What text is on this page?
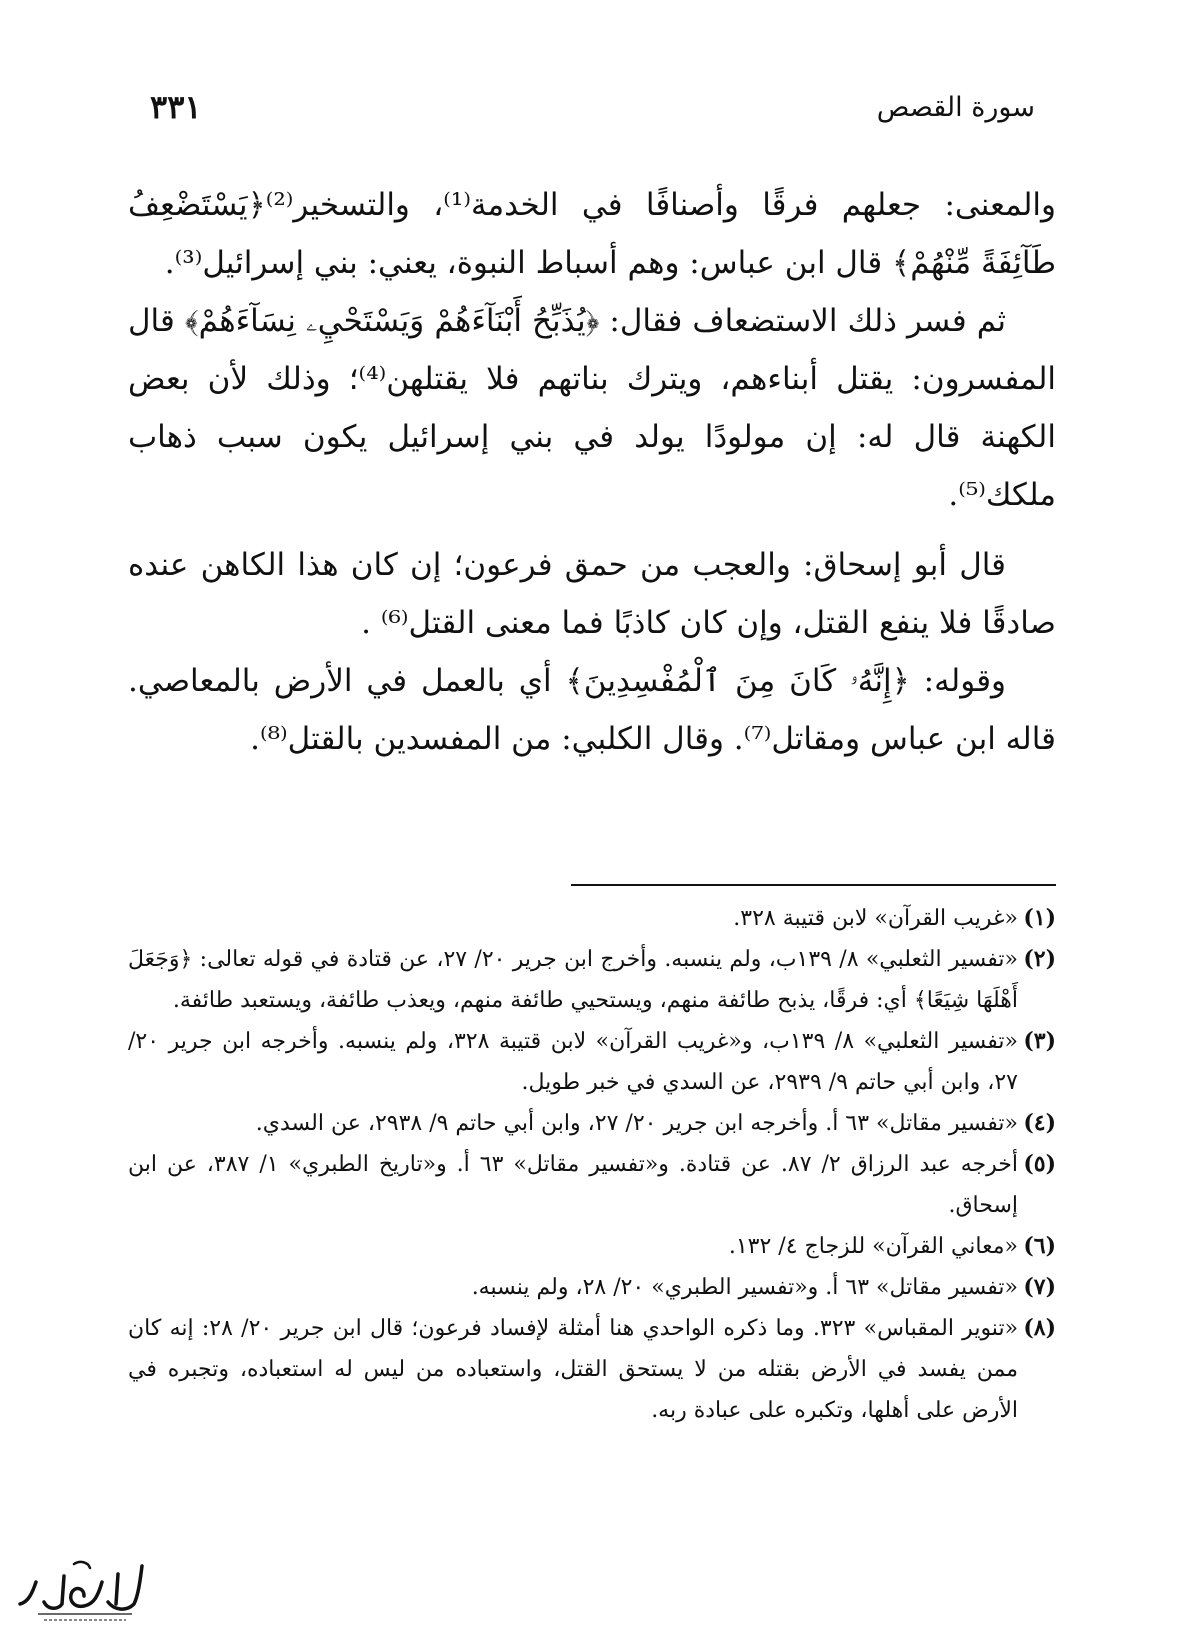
سورة القصص
٣٣١

والمعنى: جعلهم فرقًا وأصنافًا في الخدمة⁽¹⁾، والتسخير⁽²⁾﴿يَسْتَضْعِفُ طَآئِفَةً مِّنْهُمْ﴾ قال ابن عباس: وهم أسباط النبوة، يعني: بني إسرائيل⁽³⁾.

ثم فسر ذلك الاستضعاف فقال: ﴿يُذَبِّحُ أَبْنَآءَهُمْ وَيَسْتَحْيِۦ نِسَآءَهُمْ﴾ قال المفسرون: يقتل أبناءهم، ويترك بناتهم فلا يقتلهن⁽⁴⁾؛ وذلك لأن بعض الكهنة قال له: إن مولودًا يولد في بني إسرائيل يكون سبب ذهاب ملكك⁽⁵⁾.

قال أبو إسحاق: والعجب من حمق فرعون؛ إن كان هذا الكاهن عنده صادقًا فلا ينفع القتل، وإن كان كاذبًا فما معنى القتل⁽⁶⁾ .

وقوله: ﴿إِنَّهُۥ كَانَ مِنَ ٱلْمُفْسِدِينَ﴾ أي بالعمل في الأرض بالمعاصي. قاله ابن عباس ومقاتل⁽⁷⁾. وقال الكلبي: من المفسدين بالقتل⁽⁸⁾.

(١)
«غريب القرآن» لابن قتيبة ٣٢٨.
(٢)
«تفسير الثعلبي» ٨/ ١٣٩ب، ولم ينسبه. وأخرج ابن جرير ٢٠/ ٢٧، عن قتادة في قوله تعالى: ﴿وَجَعَلَ أَهْلَهَا شِيَعًا﴾ أي: فرقًا، يذبح طائفة منهم، ويستحيي طائفة منهم، ويعذب طائفة، ويستعبد طائفة.
(٣)
«تفسير الثعلبي» ٨/ ١٣٩ب، و«غريب القرآن» لابن قتيبة ٣٢٨، ولم ينسبه. وأخرجه ابن جرير ٢٠/ ٢٧، وابن أبي حاتم ٩/ ٢٩٣٩، عن السدي في خبر طويل.
(٤)
«تفسير مقاتل» ٦٣ أ. وأخرجه ابن جرير ٢٠/ ٢٧، وابن أبي حاتم ٩/ ٢٩٣٨، عن السدي.
(٥)
أخرجه عبد الرزاق ٢/ ٨٧. عن قتادة. و«تفسير مقاتل» ٦٣ أ. و«تاريخ الطبري» ١/ ٣٨٧، عن ابن إسحاق.
(٦)
«معاني القرآن» للزجاج ٤/ ١٣٢.
(٧)
«تفسير مقاتل» ٦٣ أ. و«تفسير الطبري» ٢٠/ ٢٨، ولم ينسبه.
(٨)
«تنوير المقباس» ٣٢٣. وما ذكره الواحدي هنا أمثلة لإفساد فرعون؛ قال ابن جرير ٢٠/ ٢٨: إنه كان ممن يفسد في الأرض بقتله من لا يستحق القتل، واستعباده من ليس له استعباده، وتجبره في الأرض على أهلها، وتكبره على عبادة ربه.
